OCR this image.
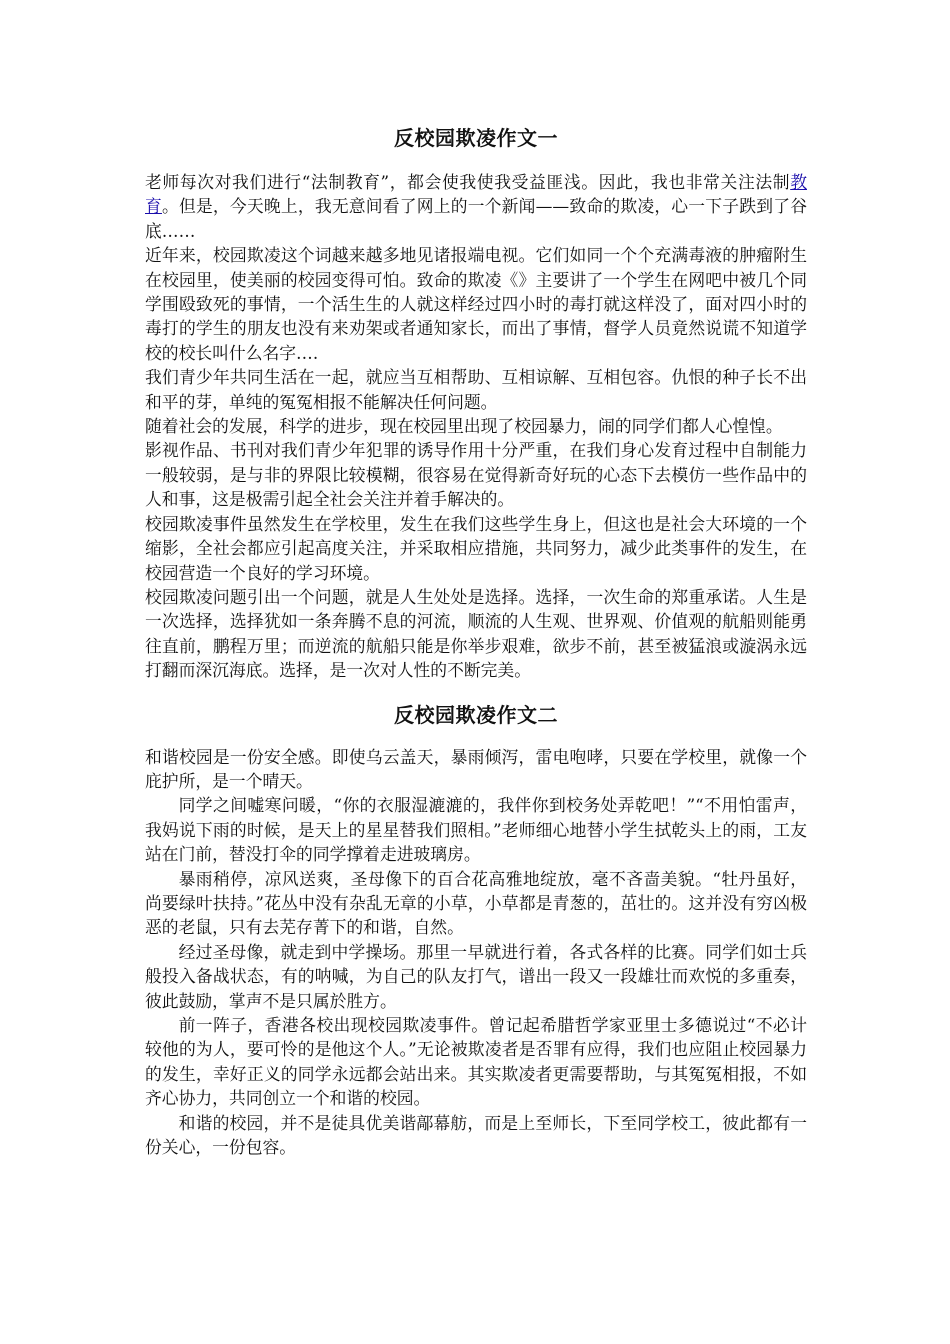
反校园欺凌作文一

老师每次对我们进行“法制教育”，都会使我使我受益匪浅。因此，我也非常关注法制教育。但是，今天晚上，我无意间看了网上的一个新闻——致命的欺凌，心一下子跌到了谷底……

近年来，校园欺凌这个词越来越多地见诸报端电视。它们如同一个个充满毒液的肿瘤附生在校园里，使美丽的校园变得可怕。致命的欺凌《》主要讲了一个学生在网吧中被几个同学围殴致死的事情，一个活生生的人就这样经过四小时的毒打就这样没了，面对四小时的毒打的学生的朋友也没有来劝架或者通知家长，而出了事情，督学人员竟然说谎不知道学校的校长叫什么名字….

我们青少年共同生活在一起，就应当互相帮助、互相谅解、互相包容。仇恨的种子长不出和平的芽，单纯的冤冤相报不能解决任何问题。

随着社会的发展，科学的进步，现在校园里出现了校园暴力，闹的同学们都人心惶惶。

影视作品、书刊对我们青少年犯罪的诱导作用十分严重，在我们身心发育过程中自制能力一般较弱，是与非的界限比较模糊，很容易在觉得新奇好玩的心态下去模仿一些作品中的人和事，这是极需引起全社会关注并着手解决的。

校园欺凌事件虽然发生在学校里，发生在我们这些学生身上，但这也是社会大环境的一个缩影，全社会都应引起高度关注，并采取相应措施，共同努力，减少此类事件的发生，在校园营造一个良好的学习环境。

校园欺凌问题引出一个问题，就是人生处处是选择。选择，一次生命的郑重承诺。人生是一次选择，选择犹如一条奔腾不息的河流，顺流的人生观、世界观、价值观的航船则能勇往直前，鹏程万里；而逆流的航船只能是你举步艰难，欲步不前，甚至被猛浪或漩涡永远打翻而深沉海底。选择，是一次对人性的不断完美。

反校园欺凌作文二

和谐校园是一份安全感。即使乌云盖天，暴雨倾泻，雷电咆哮，只要在学校里，就像一个庇护所，是一个晴天。

同学之间嘘寒问暖，“你的衣服湿漉漉的，我伴你到校务处弄乾吧！”“不用怕雷声，我妈说下雨的时候，是天上的星星替我们照相。”老师细心地替小学生拭乾头上的雨，工友站在门前，替没打伞的同学撑着走进玻璃房。

暴雨稍停，凉风送爽，圣母像下的百合花高雅地绽放，毫不吝啬美貌。“牡丹虽好，尚要绿叶扶持。”花丛中没有杂乱无章的小草，小草都是青葱的，茁壮的。这并没有穷凶极恶的老鼠，只有去芜存菁下的和谐，自然。

经过圣母像，就走到中学操场。那里一早就进行着，各式各样的比赛。同学们如士兵般投入备战状态，有的呐喊，为自己的队友打气，谱出一段又一段雄壮而欢悦的多重奏，彼此鼓励，掌声不是只属於胜方。

前一阵子，香港各校出现校园欺凌事件。曾记起希腊哲学家亚里士多德说过“不必计较他的为人，要可怜的是他这个人。”无论被欺凌者是否罪有应得，我们也应阻止校园暴力的发生，幸好正义的同学永远都会站出来。其实欺凌者更需要帮助，与其冤冤相报，不如齐心协力，共同创立一个和谐的校园。

和谐的校园，并不是徒具优美谐鄗幕舫，而是上至师长，下至同学校工，彼此都有一份关心，一份包容。
